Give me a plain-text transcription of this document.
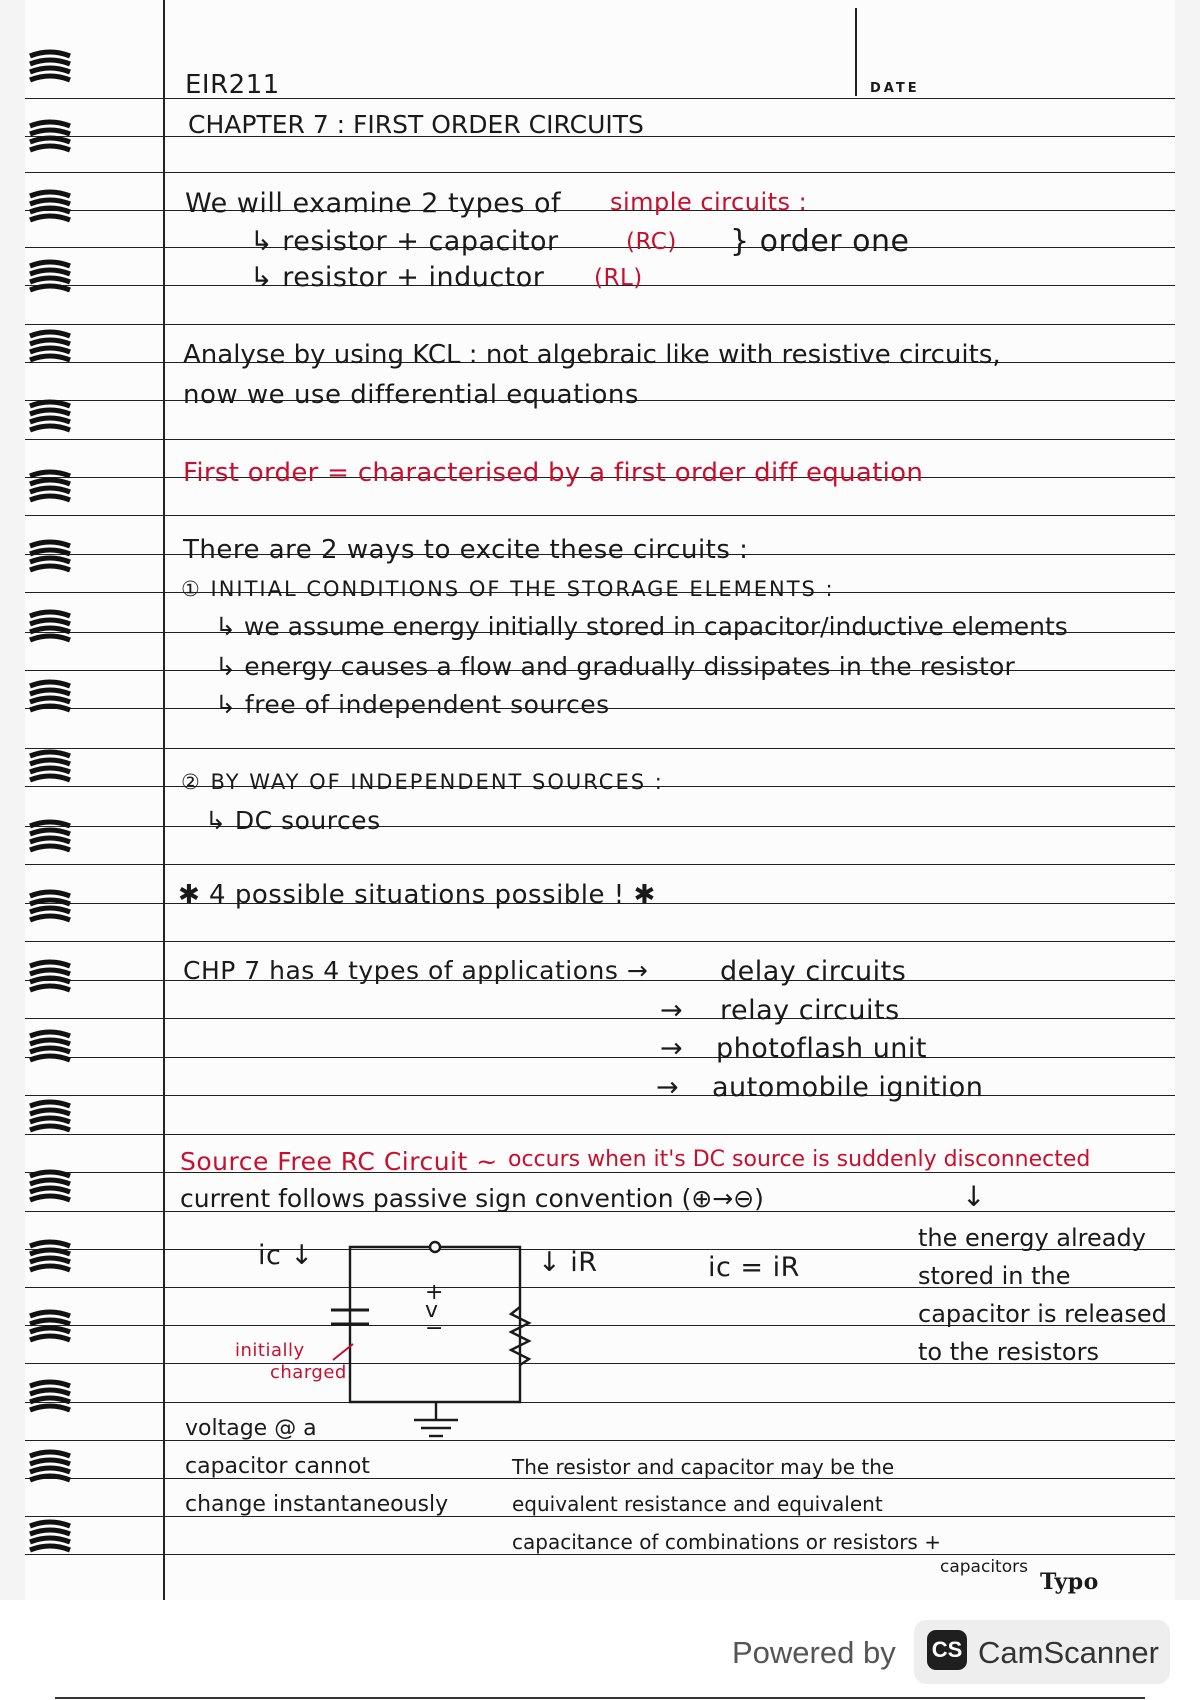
DATE
EIR211
CHAPTER 7 : FIRST ORDER CIRCUITS
We will examine 2 types of simple circuits :
↳ resistor + capacitor	(RC)
↳ resistor + inductor (RL)
} order one
Analyse by using KCL : not algebraic like with resistive circuits,
now we use differential equations
First order = characterised by a first order diff equation
There are 2 ways to excite these circuits :
① INITIAL CONDITIONS OF THE STORAGE ELEMENTS :
↳ we assume energy initially stored in capacitor/inductive elements
↳ energy causes a flow and gradually dissipates in the resistor
↳ free of independent sources
② BY WAY OF INDEPENDENT SOURCES :
↳ DC sources
✱ 4 possible situations possible ! ✱
CHP 7 has 4 types of applications →	delay circuits
→ relay circuits
→ photoflash unit
→ automobile ignition
Source Free RC Circuit ~ occurs when it's DC source is suddenly disconnected
↓
current follows passive sign convention (⊕→⊖)
ic ↓	↓ iR	ic = iR
+
v
−
initially
charged
the energy already
stored in the
capacitor is released
to the resistors
voltage @ a
capacitor cannot
change instantaneously
The resistor and capacitor may be the
equivalent resistance and equivalent
capacitance of combinations or resistors +
capacitors
Typo
Powered by CS CamScanner
